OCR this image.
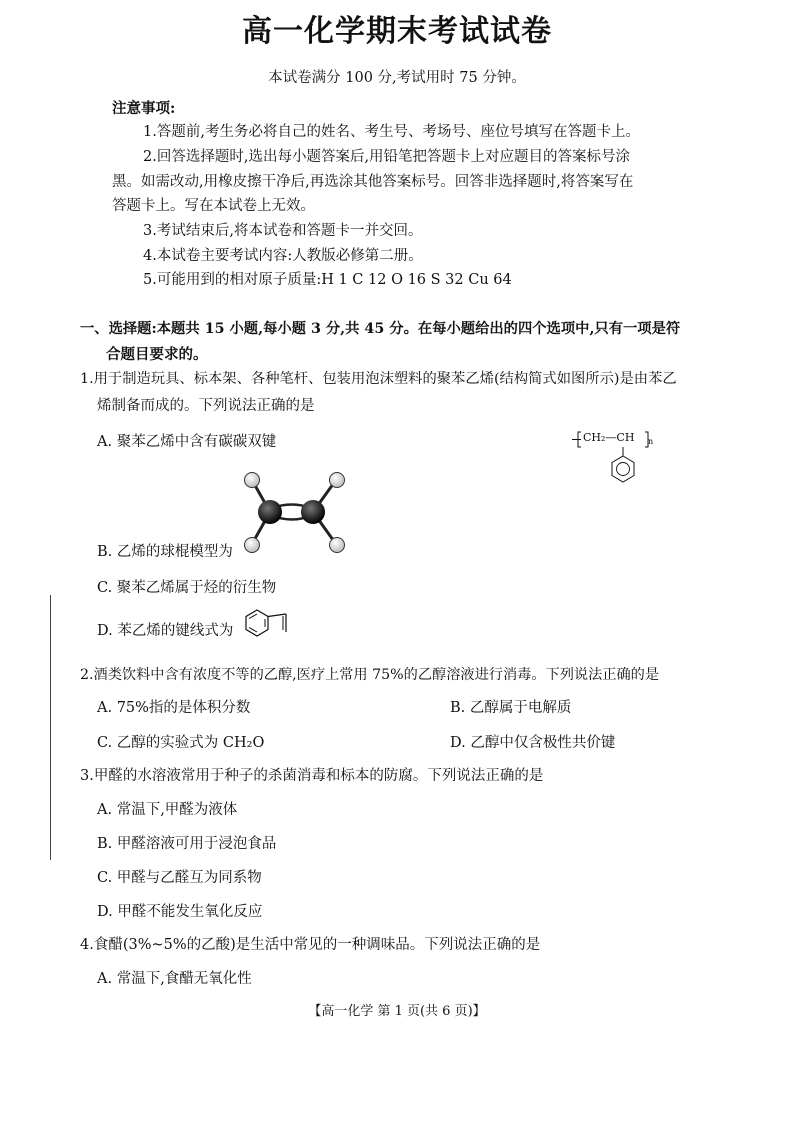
高一化学期末考试试卷
本试卷满分 100 分,考试用时 75 分钟。
注意事项:
1.答题前,考生务必将自己的姓名、考生号、考场号、座位号填写在答题卡上。
2.回答选择题时,选出每小题答案后,用铅笔把答题卡上对应题目的答案标号涂
黑。如需改动,用橡皮擦干净后,再选涂其他答案标号。回答非选择题时,将答案写在
答题卡上。写在本试卷上无效。
3.考试结束后,将本试卷和答题卡一并交回。
4.本试卷主要考试内容:人教版必修第二册。
5.可能用到的相对原子质量:H 1 C 12 O 16 S 32 Cu 64
一、选择题:本题共 15 小题,每小题 3 分,共 45 分。在每小题给出的四个选项中,只有一项是符
合题目要求的。
1.用于制造玩具、标本架、各种笔杆、包装用泡沫塑料的聚苯乙烯(结构简式如图所示)是由苯乙
烯制备而成的。下列说法正确的是
A. 聚苯乙烯中含有碳碳双键	CH₂—CH n
B. 乙烯的球棍模型为
C. 聚苯乙烯属于烃的衍生物
D. 苯乙烯的键线式为
2.酒类饮料中含有浓度不等的乙醇,医疗上常用 75%的乙醇溶液进行消毒。下列说法正确的是
A. 75%指的是体积分数	B. 乙醇属于电解质
C. 乙醇的实验式为 CH₂O	D. 乙醇中仅含极性共价键
3.甲醛的水溶液常用于种子的杀菌消毒和标本的防腐。下列说法正确的是
A. 常温下,甲醛为液体
B. 甲醛溶液可用于浸泡食品
C. 甲醛与乙醛互为同系物
D. 甲醛不能发生氧化反应
4.食醋(3%~5%的乙酸)是生活中常见的一种调味品。下列说法正确的是
A. 常温下,食醋无氧化性
【高一化学 第 1 页(共 6 页)】
